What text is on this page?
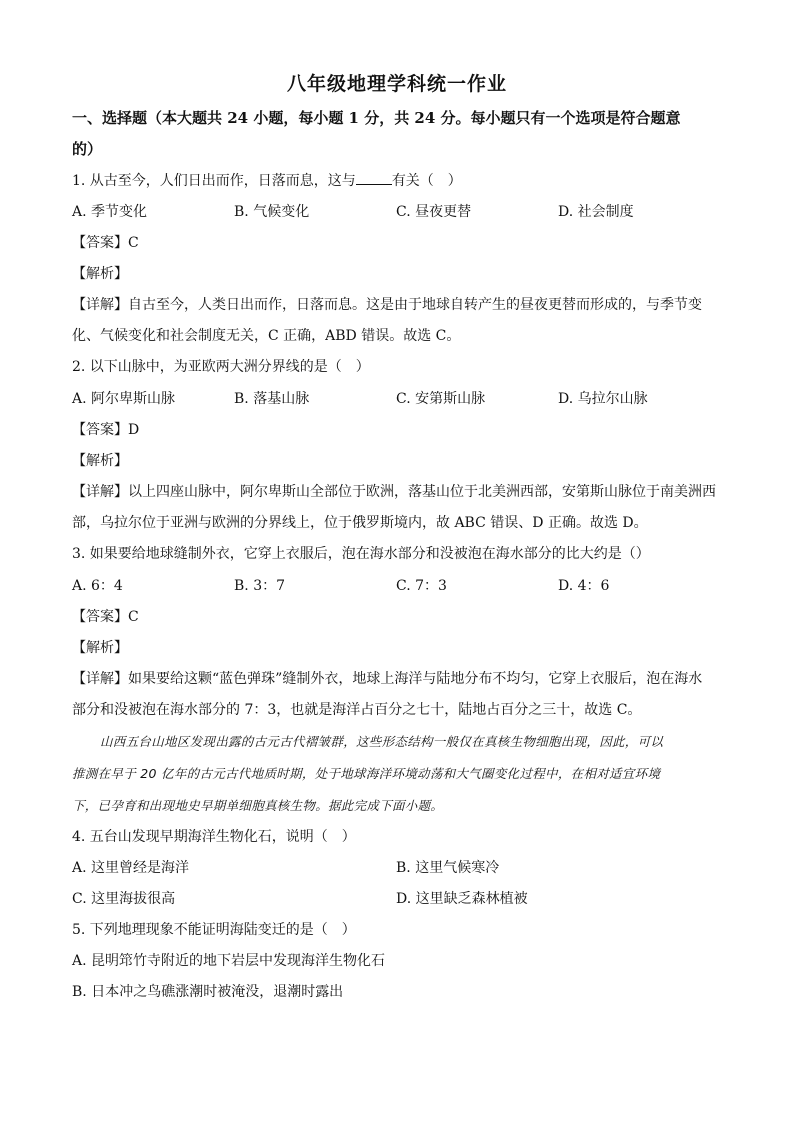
八年级地理学科统一作业
一、选择题（本大题共 24 小题，每小题 1 分，共 24 分。每小题只有一个选项是符合题意
的）
1. 从古至今，人们日出而作，日落而息，这与	有关（　）
A. 季节变化	B. 气候变化	C. 昼夜更替	D. 社会制度
【答案】C
【解析】
【详解】自古至今，人类日出而作，日落而息。这是由于地球自转产生的昼夜更替而形成的，与季节变
化、气候变化和社会制度无关，C 正确，ABD 错误。故选 C。
2. 以下山脉中，为亚欧两大洲分界线的是（　）
A. 阿尔卑斯山脉	B. 落基山脉	C. 安第斯山脉	D. 乌拉尔山脉
【答案】D
【解析】
【详解】以上四座山脉中，阿尔卑斯山全部位于欧洲，落基山位于北美洲西部，安第斯山脉位于南美洲西
部，乌拉尔位于亚洲与欧洲的分界线上，位于俄罗斯境内，故 ABC 错误、D 正确。故选 D。
3. 如果要给地球缝制外衣，它穿上衣服后，泡在海水部分和没被泡在海水部分的比大约是（）
A. 6：4	B. 3：7	C. 7：3	D. 4：6
【答案】C
【解析】
【详解】如果要给这颗“蓝色弹珠”缝制外衣，地球上海洋与陆地分布不均匀，它穿上衣服后，泡在海水
部分和没被泡在海水部分的 7：3，也就是海洋占百分之七十，陆地占百分之三十，故选 C。
山西五台山地区发现出露的古元古代褶皱群，这些形态结构一般仅在真核生物细胞出现，因此，可以
推测在早于 20 亿年的古元古代地质时期，处于地球海洋环境动荡和大气圈变化过程中，在相对适宜环境
下，已孕育和出现地史早期单细胞真核生物。据此完成下面小题。
4. 五台山发现早期海洋生物化石，说明（　）
A. 这里曾经是海洋	B. 这里气候寒冷
C. 这里海拔很高	D. 这里缺乏森林植被
5. 下列地理现象不能证明海陆变迁的是（　）
A. 昆明筇竹寺附近的地下岩层中发现海洋生物化石
B. 日本冲之鸟礁涨潮时被淹没，退潮时露出
